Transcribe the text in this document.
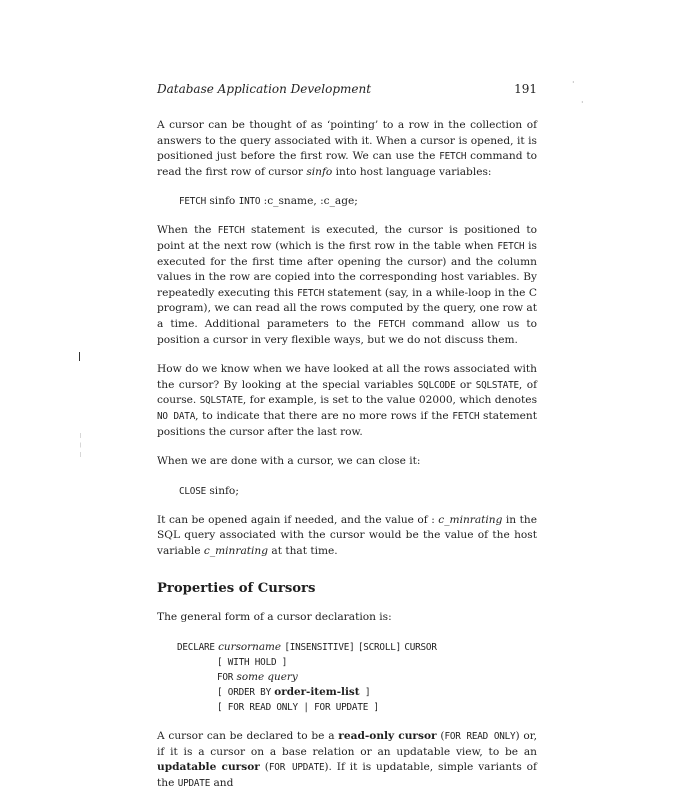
·
·
Database Application Development	191

A cursor can be thought of as ‘pointing’ to a row in the collection of answers to the query associated with it. When a cursor is opened, it is positioned just before the first row. We can use the FETCH command to read the first row of cursor sinfo into host language variables:

FETCH sinfo INTO :c_sname, :c_age;

When the FETCH statement is executed, the cursor is positioned to point at the next row (which is the first row in the table when FETCH is executed for the first time after opening the cursor) and the column values in the row are copied into the corresponding host variables. By repeatedly executing this FETCH statement (say, in a while-loop in the C program), we can read all the rows computed by the query, one row at a time. Additional parameters to the FETCH command allow us to position a cursor in very flexible ways, but we do not discuss them.

How do we know when we have looked at all the rows associated with the cursor? By looking at the special variables SQLCODE or SQLSTATE, of course. SQLSTATE, for example, is set to the value 02000, which denotes NO DATA, to indicate that there are no more rows if the FETCH statement positions the cursor after the last row.

When we are done with a cursor, we can close it:

CLOSE sinfo;

It can be opened again if needed, and the value of : c_minrating in the SQL query associated with the cursor would be the value of the host variable c_minrating at that time.

Properties of Cursors

The general form of a cursor declaration is:

DECLARE cursorname [INSENSITIVE] [SCROLL] CURSOR
[ WITH HOLD ]
FOR some query
[ ORDER BY order-item-list ]
[ FOR READ ONLY | FOR UPDATE ]

A cursor can be declared to be a read-only cursor (FOR READ ONLY) or, if it is a cursor on a base relation or an updatable view, to be an updatable cursor (FOR UPDATE). If it is updatable, simple variants of the UPDATE and
